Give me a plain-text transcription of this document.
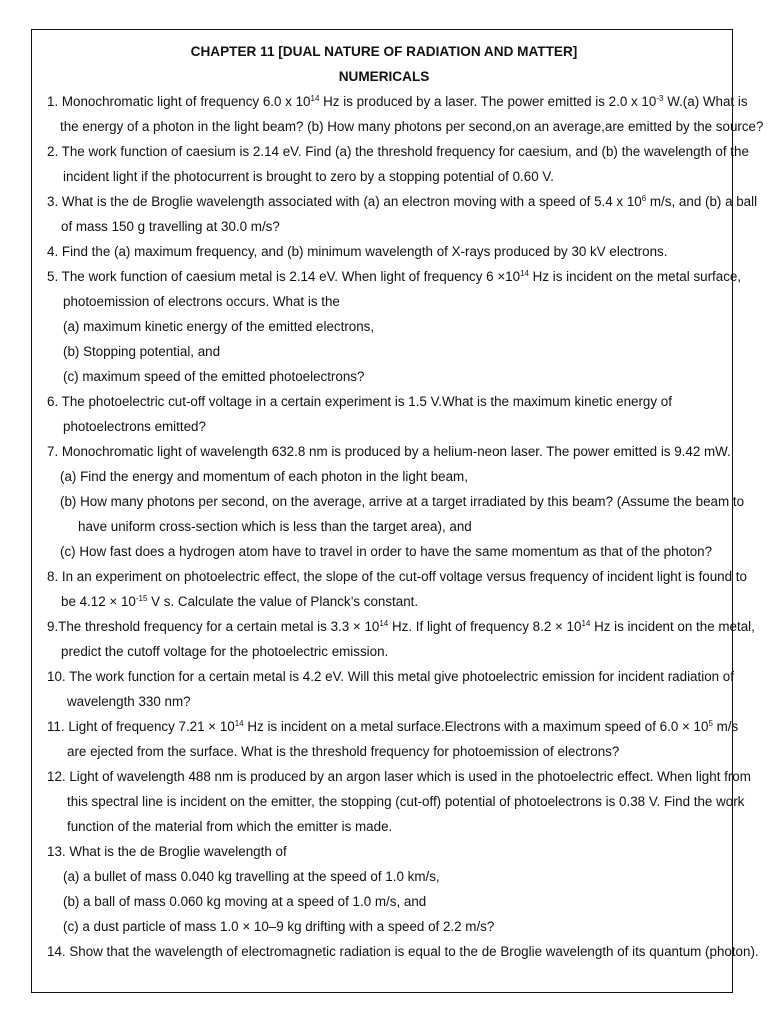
CHAPTER 11 [DUAL NATURE OF RADIATION AND MATTER]
NUMERICALS
1. Monochromatic light of frequency 6.0 x $10^{14}$ Hz is produced by a laser. The power emitted is 2.0 x $10^{-3}$ W.(a) What is
the energy of a photon in the light beam? (b) How many photons per second,on an average,are emitted by the source?
2. The work function of caesium is 2.14 eV. Find (a) the threshold frequency for caesium, and (b) the wavelength of the
incident light if the photocurrent is brought to zero by a stopping potential of 0.60 V.
3. What is the de Broglie wavelength associated with (a) an electron moving with a speed of 5.4 x $10^6$ m/s, and (b) a ball
of mass 150 g travelling at 30.0 m/s?
4. Find the (a) maximum frequency, and (b) minimum wavelength of X-rays produced by 30 kV electrons.
5. The work function of caesium metal is 2.14 eV. When light of frequency $6 \times 10^{14}$ Hz is incident on the metal surface,
photoemission of electrons occurs. What is the
(a) maximum kinetic energy of the emitted electrons,
(b) Stopping potential, and
(c) maximum speed of the emitted photoelectrons?
6. The photoelectric cut-off voltage in a certain experiment is 1.5 V.What is the maximum kinetic energy of
photoelectrons emitted?
7. Monochromatic light of wavelength 632.8 nm is produced by a helium-neon laser. The power emitted is 9.42 mW.
(a) Find the energy and momentum of each photon in the light beam,
(b) How many photons per second, on the average, arrive at a target irradiated by this beam? (Assume the beam to
have uniform cross-section which is less than the target area), and
(c) How fast does a hydrogen atom have to travel in order to have the same momentum as that of the photon?
8. In an experiment on photoelectric effect, the slope of the cut-off voltage versus frequency of incident light is found to
be $4.12 \times 10^{-15}$ V s. Calculate the value of Planck’s constant.
9.The threshold frequency for a certain metal is $3.3 \times 10^{14}$ Hz. If light of frequency $8.2 \times 10^{14}$ Hz is incident on the metal,
predict the cutoff voltage for the photoelectric emission.
10. The work function for a certain metal is 4.2 eV. Will this metal give photoelectric emission for incident radiation of
wavelength 330 nm?
11. Light of frequency $7.21 \times 10^{14}$ Hz is incident on a metal surface.Electrons with a maximum speed of $6.0 \times 10^5$ m/s
are ejected from the surface. What is the threshold frequency for photoemission of electrons?
12. Light of wavelength 488 nm is produced by an argon laser which is used in the photoelectric effect. When light from
this spectral line is incident on the emitter, the stopping (cut-off) potential of photoelectrons is 0.38 V. Find the work
function of the material from which the emitter is made.
13. What is the de Broglie wavelength of
(a) a bullet of mass 0.040 kg travelling at the speed of 1.0 km/s,
(b) a ball of mass 0.060 kg moving at a speed of 1.0 m/s, and
(c) a dust particle of mass 1.0 × 10–9 kg drifting with a speed of 2.2 m/s?
14. Show that the wavelength of electromagnetic radiation is equal to the de Broglie wavelength of its quantum (photon).
